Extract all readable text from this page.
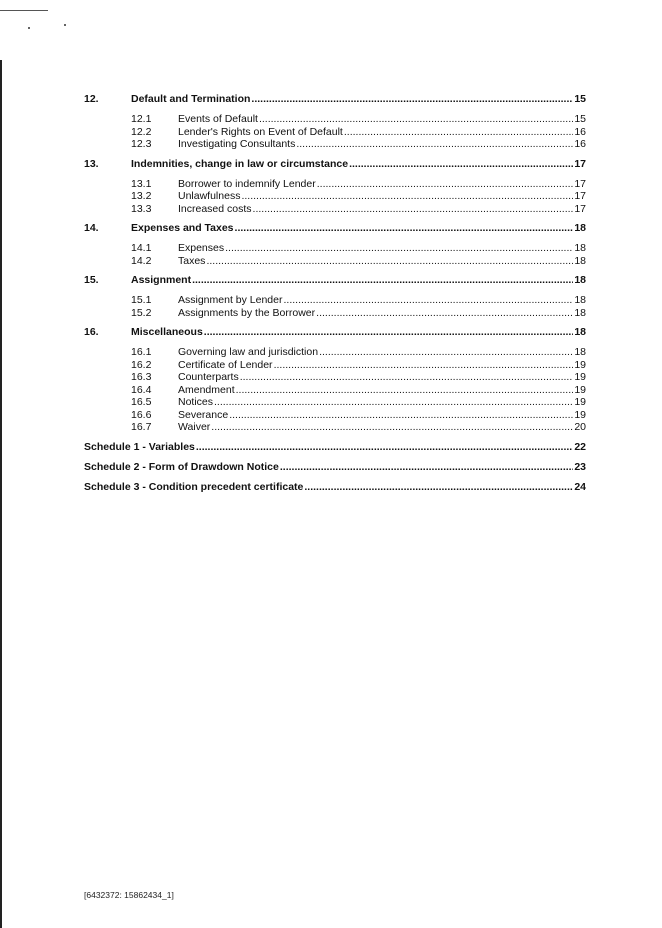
12.	Default and Termination .....	15
12.1	Events of Default .....	15
12.2	Lender's Rights on Event of Default .....	16
12.3	Investigating Consultants .....	16
13.	Indemnities, change in law or circumstance .....	17
13.1	Borrower to indemnify Lender .....	17
13.2	Unlawfulness .....	17
13.3	Increased costs .....	17
14.	Expenses and Taxes .....	18
14.1	Expenses .....	18
14.2	Taxes .....	18
15.	Assignment .....	18
15.1	Assignment by Lender .....	18
15.2	Assignments by the Borrower .....	18
16.	Miscellaneous .....	18
16.1	Governing law and jurisdiction .....	18
16.2	Certificate of Lender .....	19
16.3	Counterparts .....	19
16.4	Amendment .....	19
16.5	Notices .....	19
16.6	Severance .....	19
16.7	Waiver .....	20
Schedule 1 - Variables .....	22
Schedule 2 - Form of Drawdown Notice .....	23
Schedule 3 - Condition precedent certificate .....	24
[6432372: 15862434_1]
